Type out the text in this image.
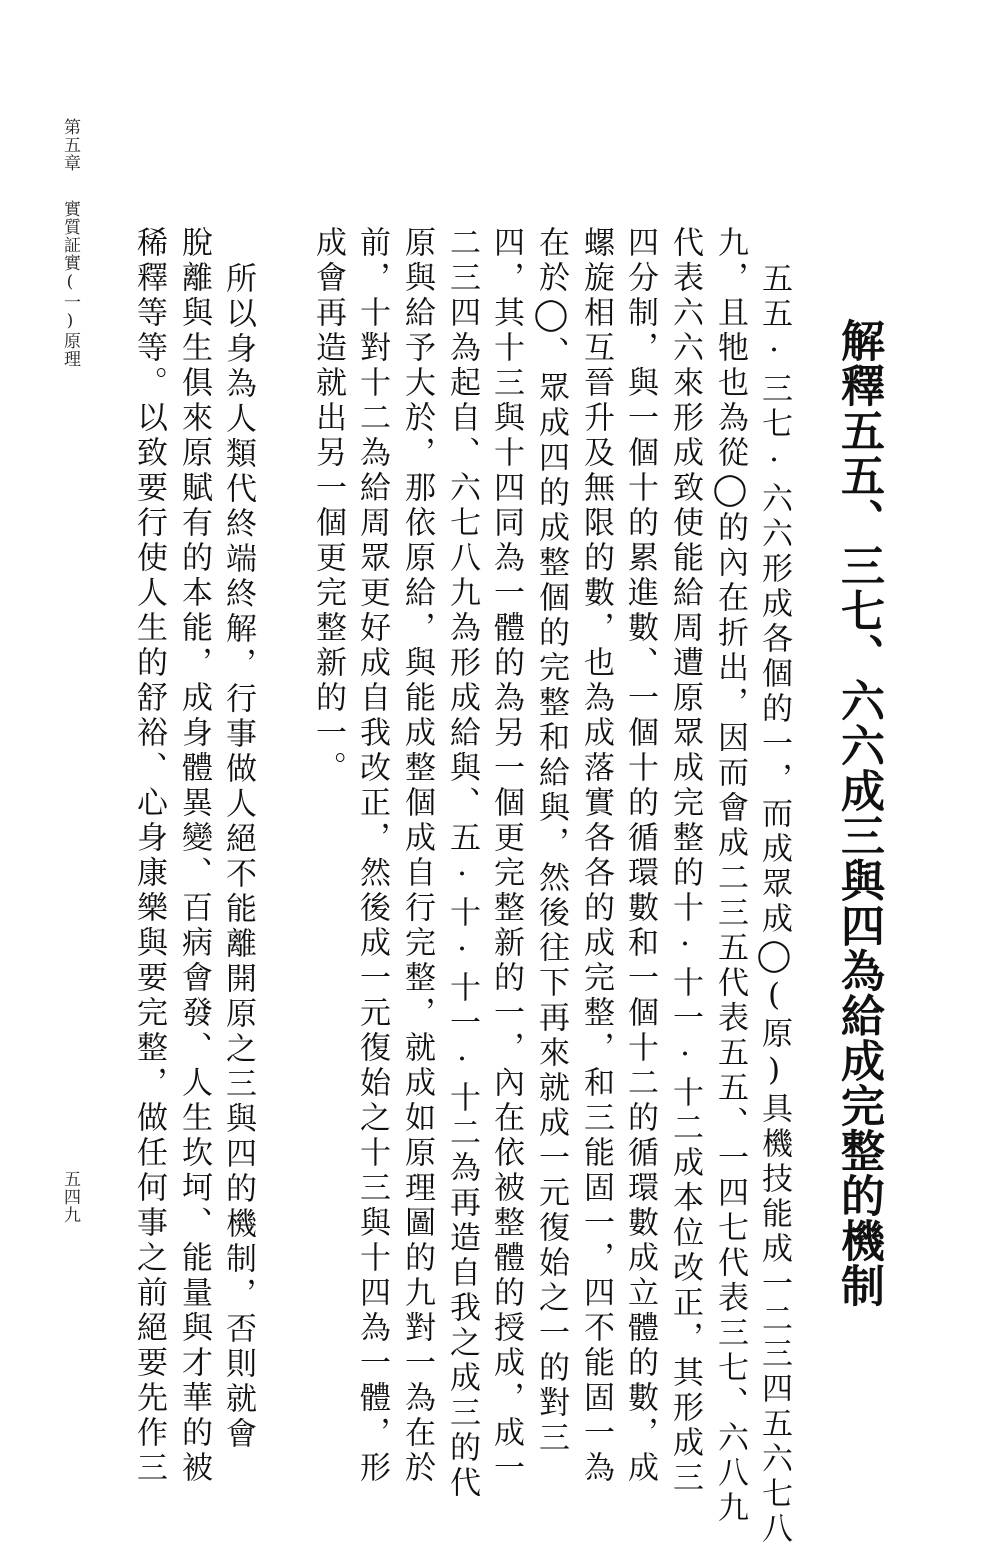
第五章
實質証實(一)原理
五四九	解釋五五、三七、六六成三與四為給成完整的機制
五五·三七·六六形成各個的一，而成眾成◯(原)具機技能成一二三四五六七八
九，且牠也為從◯的內在折出，因而會成二三五代表五五、一四七代表三七、六八九
代表六六來形成致使能給周遭原眾成完整的十·十一·十二成本位改正，其形成三
四分制，與一個十的累進數、一個十的循環數和一個十二的循環數成立體的數，成
螺旋相互晉升及無限的數，也為成落實各各的成完整，和三能固一，四不能固一為
在於◯、眾成四的成整個的完整和給與，然後往下再來就成一元復始之一的對三
四，其十三與十四同為一體的為另一個更完整新的一，內在依被整體的授成，成一
二三四為起自、六七八九為形成給與、五·十·十一·十二為再造自我之成三的代
原與給予大於，那依原給，與能成整個成自行完整，就成如原理圖的九對一為在於
前，十對十二為給周眾更好成自我改正，然後成一元復始之十三與十四為一體，形
成會再造就出另一個更完整新的一。
所以身為人類代終端終解，行事做人絕不能離開原之三與四的機制，否則就會
脫離與生俱來原賦有的本能，成身體異變、百病會發、人生坎坷、能量與才華的被
稀釋等等。以致要行使人生的舒裕、心身康樂與要完整，做任何事之前絕要先作三
